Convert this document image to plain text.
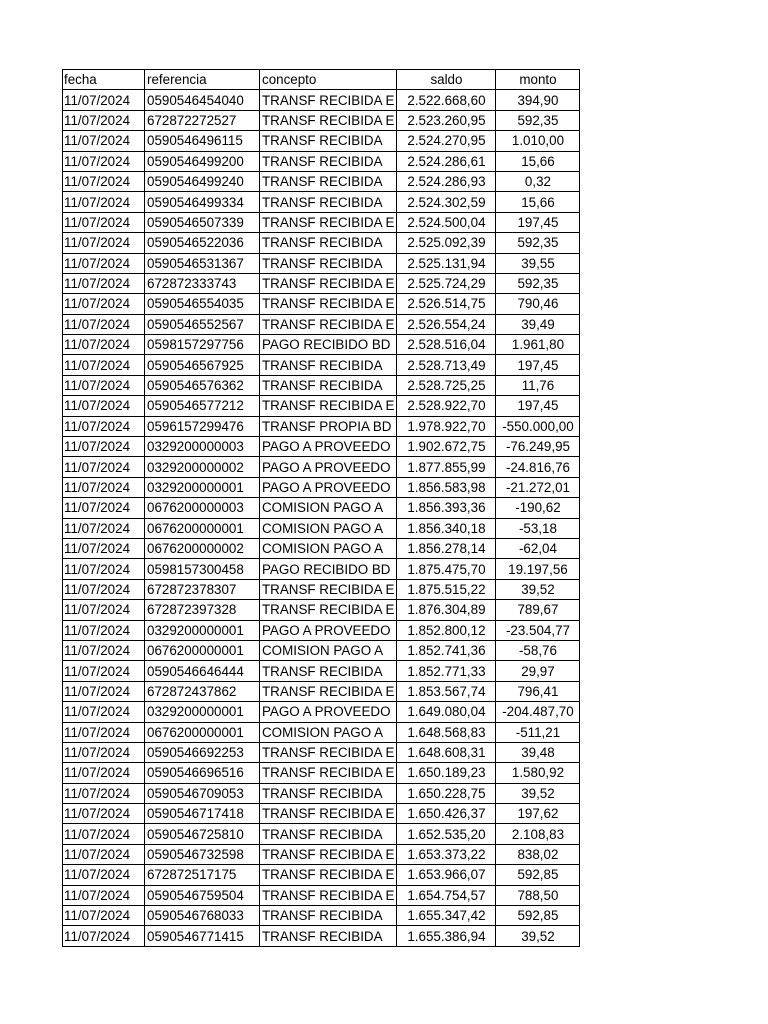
fecha	referencia	concepto	saldo	monto
11/07/2024	0590546454040	TRANSF RECIBIDA E	2.522.668,60	394,90
11/07/2024	672872272527	TRANSF RECIBIDA E	2.523.260,95	592,35
11/07/2024	0590546496115	TRANSF RECIBIDA	2.524.270,95	1.010,00
11/07/2024	0590546499200	TRANSF RECIBIDA	2.524.286,61	15,66
11/07/2024	0590546499240	TRANSF RECIBIDA	2.524.286,93	0,32
11/07/2024	0590546499334	TRANSF RECIBIDA	2.524.302,59	15,66
11/07/2024	0590546507339	TRANSF RECIBIDA E	2.524.500,04	197,45
11/07/2024	0590546522036	TRANSF RECIBIDA	2.525.092,39	592,35
11/07/2024	0590546531367	TRANSF RECIBIDA	2.525.131,94	39,55
11/07/2024	672872333743	TRANSF RECIBIDA E	2.525.724,29	592,35
11/07/2024	0590546554035	TRANSF RECIBIDA E	2.526.514,75	790,46
11/07/2024	0590546552567	TRANSF RECIBIDA E	2.526.554,24	39,49
11/07/2024	0598157297756	PAGO RECIBIDO BD	2.528.516,04	1.961,80
11/07/2024	0590546567925	TRANSF RECIBIDA	2.528.713,49	197,45
11/07/2024	0590546576362	TRANSF RECIBIDA	2.528.725,25	11,76
11/07/2024	0590546577212	TRANSF RECIBIDA E	2.528.922,70	197,45
11/07/2024	0596157299476	TRANSF PROPIA BD	1.978.922,70	-550.000,00
11/07/2024	0329200000003	PAGO A PROVEEDO	1.902.672,75	-76.249,95
11/07/2024	0329200000002	PAGO A PROVEEDO	1.877.855,99	-24.816,76
11/07/2024	0329200000001	PAGO A PROVEEDO	1.856.583,98	-21.272,01
11/07/2024	0676200000003	COMISION PAGO A	1.856.393,36	-190,62
11/07/2024	0676200000001	COMISION PAGO A	1.856.340,18	-53,18
11/07/2024	0676200000002	COMISION PAGO A	1.856.278,14	-62,04
11/07/2024	0598157300458	PAGO RECIBIDO BD	1.875.475,70	19.197,56
11/07/2024	672872378307	TRANSF RECIBIDA E	1.875.515,22	39,52
11/07/2024	672872397328	TRANSF RECIBIDA E	1.876.304,89	789,67
11/07/2024	0329200000001	PAGO A PROVEEDO	1.852.800,12	-23.504,77
11/07/2024	0676200000001	COMISION PAGO A	1.852.741,36	-58,76
11/07/2024	0590546646444	TRANSF RECIBIDA	1.852.771,33	29,97
11/07/2024	672872437862	TRANSF RECIBIDA E	1.853.567,74	796,41
11/07/2024	0329200000001	PAGO A PROVEEDO	1.649.080,04	-204.487,70
11/07/2024	0676200000001	COMISION PAGO A	1.648.568,83	-511,21
11/07/2024	0590546692253	TRANSF RECIBIDA E	1.648.608,31	39,48
11/07/2024	0590546696516	TRANSF RECIBIDA E	1.650.189,23	1.580,92
11/07/2024	0590546709053	TRANSF RECIBIDA	1.650.228,75	39,52
11/07/2024	0590546717418	TRANSF RECIBIDA E	1.650.426,37	197,62
11/07/2024	0590546725810	TRANSF RECIBIDA	1.652.535,20	2.108,83
11/07/2024	0590546732598	TRANSF RECIBIDA E	1.653.373,22	838,02
11/07/2024	672872517175	TRANSF RECIBIDA E	1.653.966,07	592,85
11/07/2024	0590546759504	TRANSF RECIBIDA E	1.654.754,57	788,50
11/07/2024	0590546768033	TRANSF RECIBIDA	1.655.347,42	592,85
11/07/2024	0590546771415	TRANSF RECIBIDA	1.655.386,94	39,52
